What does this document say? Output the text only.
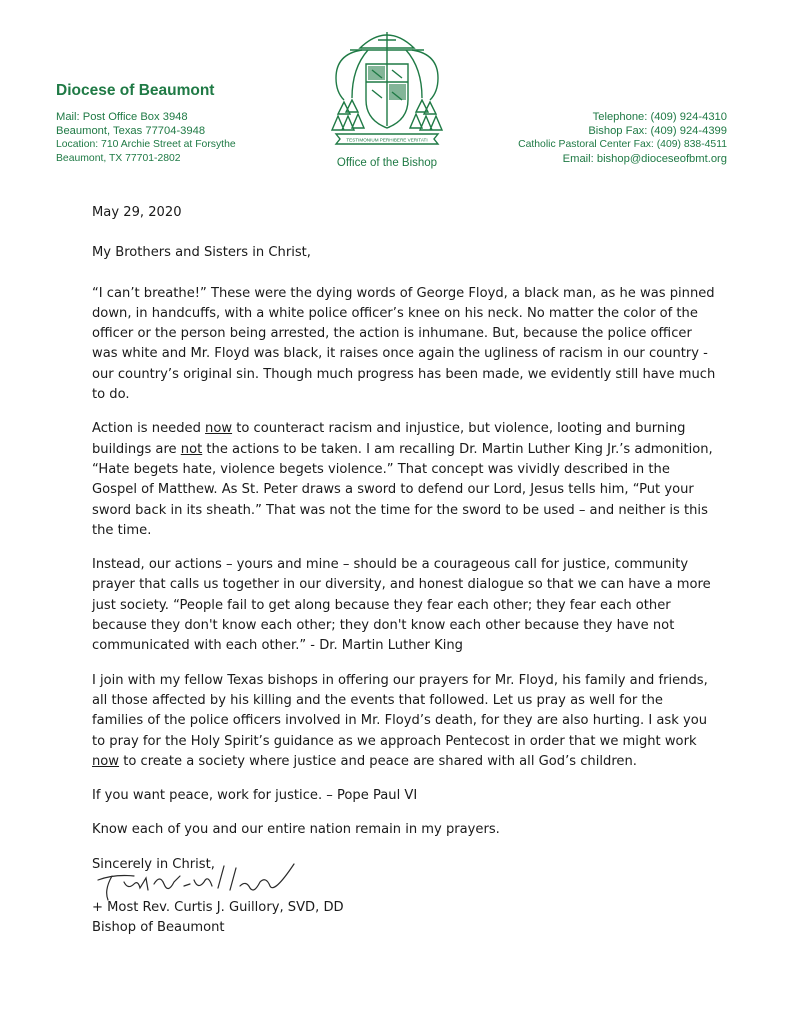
Diocese of Beaumont
Mail: Post Office Box 3948
Beaumont, Texas 77704-3948
Location: 710 Archie Street at Forsythe
Beaumont, TX 77701-2802
TESTIMONIUM PERHIBERE VERITATI
Office of the Bishop
Telephone: (409) 924-4310
Bishop Fax: (409) 924-4399
Catholic Pastoral Center Fax: (409) 838-4511
Email: bishop@dioceseofbmt.org

May 29, 2020

My Brothers and Sisters in Christ,

“I can’t breathe!” These were the dying words of George Floyd, a black man, as he was pinned down, in handcuffs, with a white police officer’s knee on his neck. No matter the color of the officer or the person being arrested, the action is inhumane. But, because the police officer was white and Mr. Floyd was black, it raises once again the ugliness of racism in our country - our country’s original sin. Though much progress has been made, we evidently still have much to do.

Action is needed now to counteract racism and injustice, but violence, looting and burning buildings are not the actions to be taken. I am recalling Dr. Martin Luther King Jr.’s admonition, “Hate begets hate, violence begets violence.” That concept was vividly described in the Gospel of Matthew. As St. Peter draws a sword to defend our Lord, Jesus tells him, “Put your sword back in its sheath.” That was not the time for the sword to be used – and neither is this the time.

Instead, our actions – yours and mine – should be a courageous call for justice, community prayer that calls us together in our diversity, and honest dialogue so that we can have a more just society. “People fail to get along because they fear each other; they fear each other because they don't know each other; they don't know each other because they have not communicated with each other.” - Dr. Martin Luther King

I join with my fellow Texas bishops in offering our prayers for Mr. Floyd, his family and friends, all those affected by his killing and the events that followed. Let us pray as well for the families of the police officers involved in Mr. Floyd’s death, for they are also hurting. I ask you to pray for the Holy Spirit’s guidance as we approach Pentecost in order that we might work now to create a society where justice and peace are shared with all God’s children.

If you want peace, work for justice. – Pope Paul VI

Know each of you and our entire nation remain in my prayers.

Sincerely in Christ,

+ Most Rev. Curtis J. Guillory, SVD, DD
Bishop of Beaumont
